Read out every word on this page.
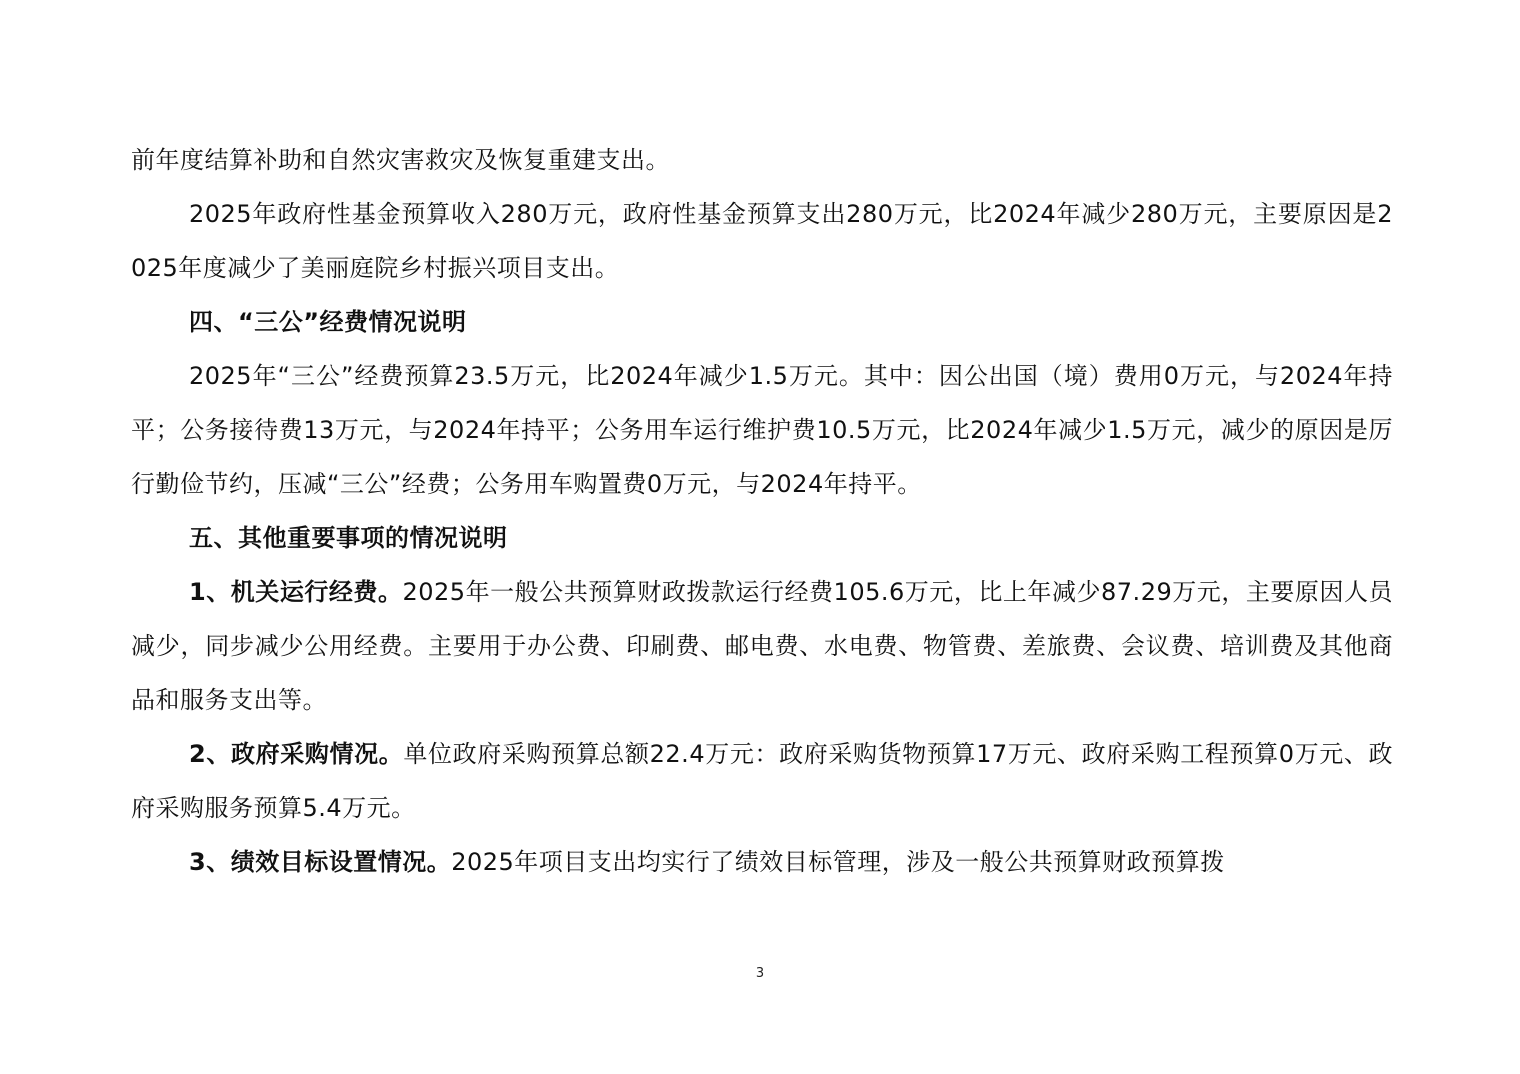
前年度结算补助和自然灾害救灾及恢复重建支出。

2025年政府性基金预算收入280万元，政府性基金预算支出280万元，比2024年减少280万元，主要原因是2025年度减少了美丽庭院乡村振兴项目支出。

四、“三公”经费情况说明

2025年“三公”经费预算23.5万元，比2024年减少1.5万元。其中：因公出国（境）费用0万元，与2024年持平；公务接待费13万元，与2024年持平；公务用车运行维护费10.5万元，比2024年减少1.5万元，减少的原因是厉行勤俭节约，压减“三公”经费；公务用车购置费0万元，与2024年持平。

五、其他重要事项的情况说明

1、机关运行经费。2025年一般公共预算财政拨款运行经费105.6万元，比上年减少87.29万元，主要原因人员减少，同步减少公用经费。主要用于办公费、印刷费、邮电费、水电费、物管费、差旅费、会议费、培训费及其他商品和服务支出等。

2、政府采购情况。单位政府采购预算总额22.4万元：政府采购货物预算17万元、政府采购工程预算0万元、政府采购服务预算5.4万元。

3、绩效目标设置情况。2025年项目支出均实行了绩效目标管理，涉及一般公共预算财政预算拨

3
